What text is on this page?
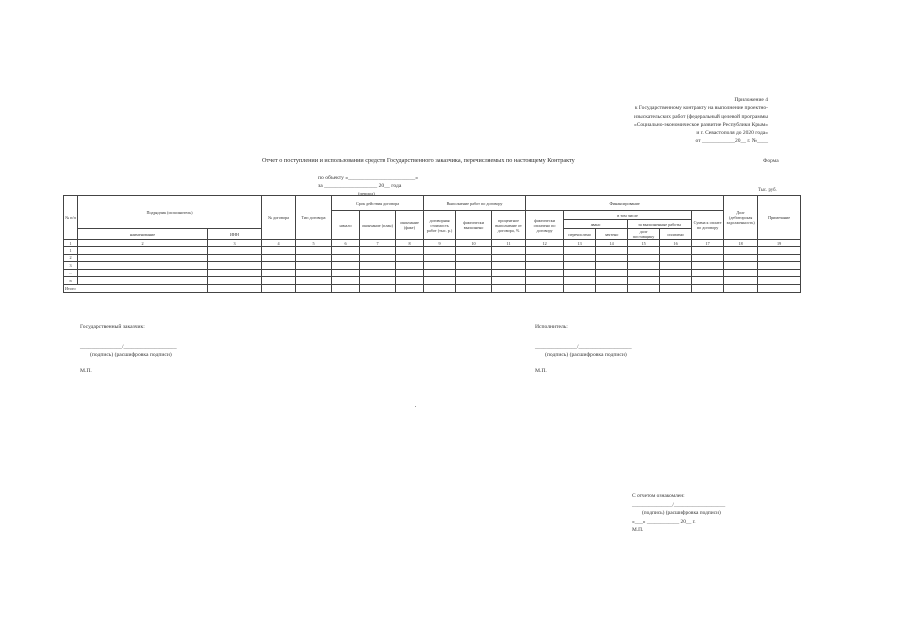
Приложение 4
к Государственному контракту на выполнение проектно-
изыскательских работ (федеральный целевой программы
«Социально-экономическое развитие Республики Крым»
и г. Севастополя до 2020 года»
от ____________20__ г. №____
Отчет о поступлении и использовании средств Государственного заказчика, перечисляемых по настоящему Контракту	Форма
по объекту «________________________»
за ___________________ 20__ года
(период)
Тыс. руб.
№ п/п	Подрядчик (исполнитель)		№ договора	Тип договора	Срок действия договора			Выполнение работ по договору			Финансирование						Долг (дебиторская задолженность)	Примечание
					начало	окончание (план)	окончание (факт)	договорная стоимость работ (тыс. р.)	фактически выполнено	процентное выполнение от договора, %	фактически оплачено по договору	в том числе				Сумма к оплате по договору		
												аванс		за выполненные работы				
	наименование	ИНН										перечислено	зачтено	долг поставщику	оплачено			
1	2	3	4	5	6	7	8	9	10	11	12	13	14	15	16	17	18	19
1																		
2																		
3																		
...																		
n																		
Итого																		
Государственный заказчик:
_______________/___________________
(подпись) (расшифровка подписи)
М.П.
Исполнитель:
_______________/___________________
(подпись) (расшифровка подписи)
М.П.
С отчетом ознакомлен:
_______________/___________________
(подпись) (расшифровка подписи)
«___» ____________ 20__ г.
М.П.
